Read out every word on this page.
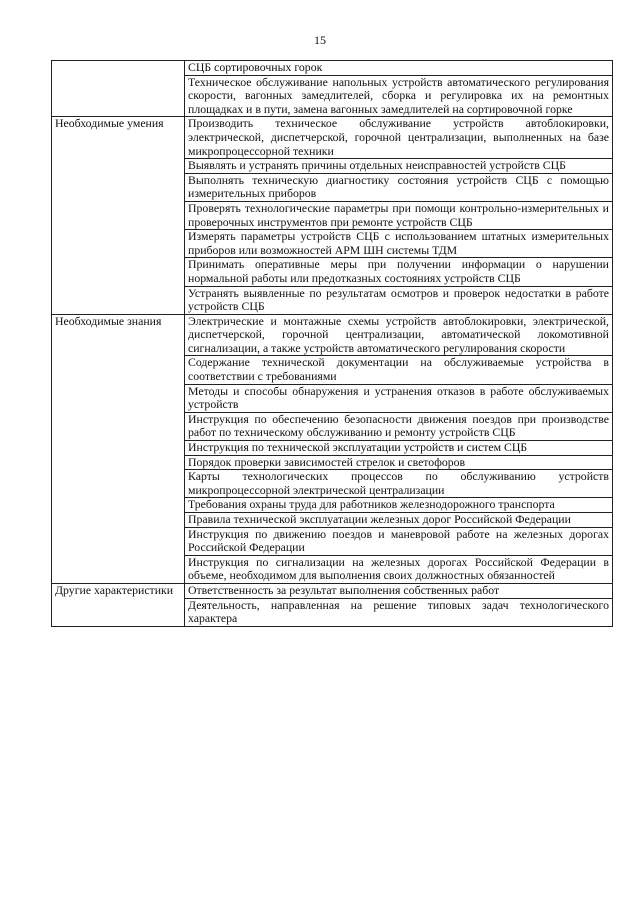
15
	СЦБ сортировочных горок
	Техническое обслуживание напольных устройств автоматического регулирования скорости, вагонных замедлителей, сборка и регулировка их на ремонтных площадках и в пути, замена вагонных замедлителей на сортировочной горке
Необходимые умения	Производить техническое обслуживание устройств автоблокировки, электрической, диспетчерской, горочной централизации, выполненных на базе микропроцессорной техники
	Выявлять и устранять причины отдельных неисправностей устройств СЦБ
	Выполнять техническую диагностику состояния устройств СЦБ с помощью измерительных приборов
	Проверять технологические параметры при помощи контрольно-измерительных и проверочных инструментов при ремонте устройств СЦБ
	Измерять параметры устройств СЦБ с использованием штатных измерительных приборов или возможностей АРМ ШН системы ТДМ
	Принимать оперативные меры при получении информации о нарушении нормальной работы или предотказных состояниях устройств СЦБ
	Устранять выявленные по результатам осмотров и проверок недостатки в работе устройств СЦБ
Необходимые знания	Электрические и монтажные схемы устройств автоблокировки, электрической, диспетчерской, горочной централизации, автоматической локомотивной сигнализации, а также устройств автоматического регулирования скорости
	Содержание технической документации на обслуживаемые устройства в соответствии с требованиями
	Методы и способы обнаружения и устранения отказов в работе обслуживаемых устройств
	Инструкция по обеспечению безопасности движения поездов при производстве работ по техническому обслуживанию и ремонту устройств СЦБ
	Инструкция по технической эксплуатации устройств и систем СЦБ
	Порядок проверки зависимостей стрелок и светофоров
	Карты технологических процессов по обслуживанию устройств микропроцессорной электрической централизации
	Требования охраны труда для работников железнодорожного транспорта
	Правила технической эксплуатации железных дорог Российской Федерации
	Инструкция по движению поездов и маневровой работе на железных дорогах Российской Федерации
	Инструкция по сигнализации на железных дорогах Российской Федерации в объеме, необходимом для выполнения своих должностных обязанностей
Другие характеристики	Ответственность за результат выполнения собственных работ
	Деятельность, направленная на решение типовых задач технологического характера
